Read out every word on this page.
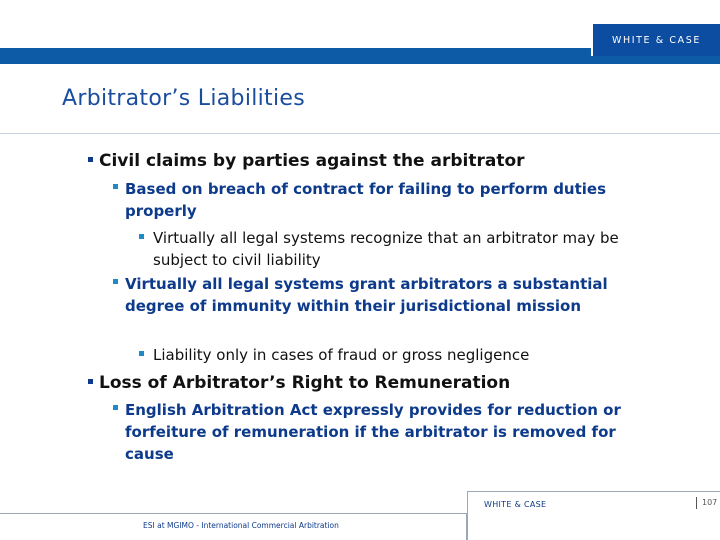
WHITE & CASE
Arbitrator’s Liabilities
Civil claims by parties against the arbitrator
Based on breach of contract for failing to perform duties properly
Virtually all legal systems recognize that an arbitrator may be subject to civil liability
Virtually all legal systems grant arbitrators a substantial degree of immunity within their jurisdictional mission
Liability only in cases of fraud or gross negligence
Loss of Arbitrator’s Right to Remuneration
English Arbitration Act expressly provides for reduction or forfeiture of remuneration if the arbitrator is removed for cause
WHITE & CASE	107
ESI at MGIMO - International Commercial Arbitration
